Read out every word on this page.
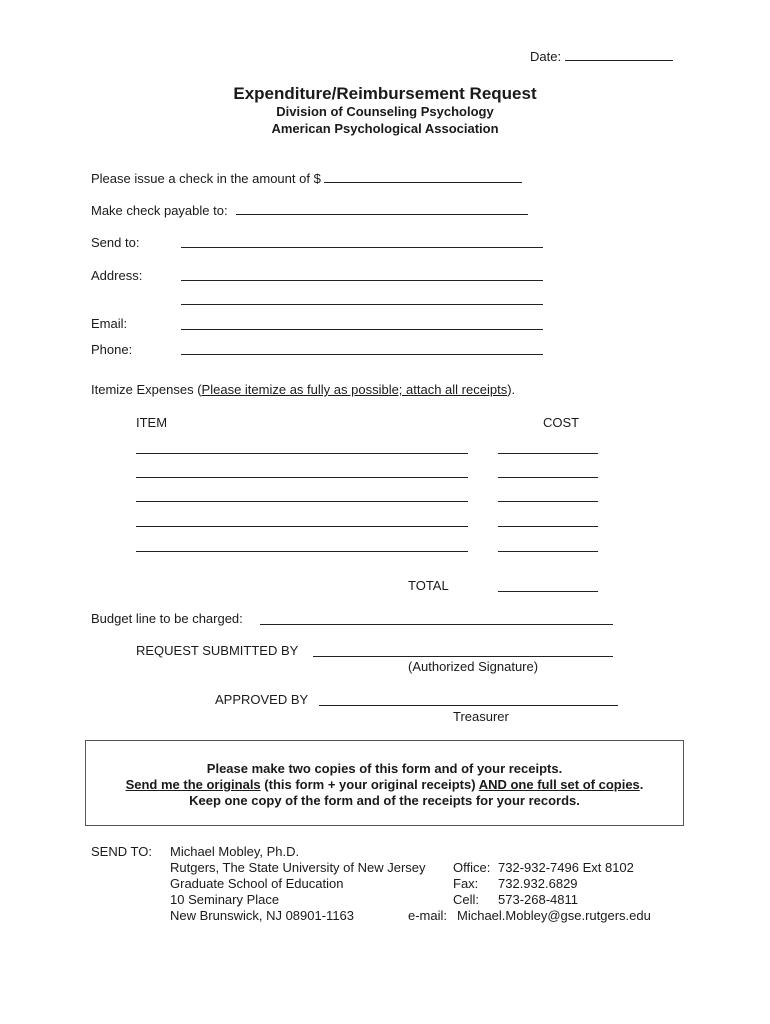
Date:
Expenditure/Reimbursement Request
Division of Counseling Psychology
American Psychological Association
Please issue a check in the amount of $
Make check payable to:
Send to:
Address:
Email:
Phone:
Itemize Expenses (Please itemize as fully as possible; attach all receipts).
ITEM	COST
TOTAL
Budget line to be charged:
REQUEST SUBMITTED BY
(Authorized Signature)
APPROVED BY
Treasurer
Please make two copies of this form and of your receipts.
Send me the originals (this form + your original receipts) AND one full set of copies.
Keep one copy of the form and of the receipts for your records.
SEND TO: Michael Mobley, Ph.D.
Rutgers, The State University of New Jersey
Graduate School of Education
10 Seminary Place
New Brunswick, NJ 08901-1163
Office: 732-932-7496 Ext 8102
Fax: 732.932.6829
Cell: 573-268-4811
e-mail: Michael.Mobley@gse.rutgers.edu
